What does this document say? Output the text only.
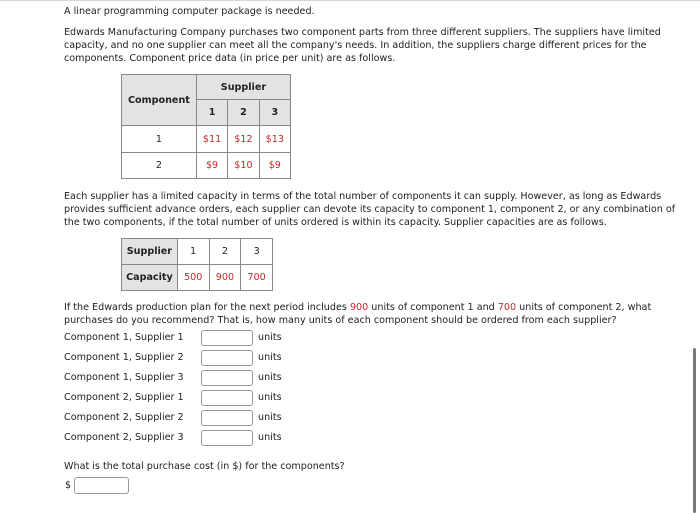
A linear programming computer package is needed.
Edwards Manufacturing Company purchases two component parts from three different suppliers. The suppliers have limited capacity, and no one supplier can meet all the company's needs. In addition, the suppliers charge different prices for the components. Component price data (in price per unit) are as follows.
Component	Supplier		
	1	2	3
1	$11	$12	$13
2	$9	$10	$9
Each supplier has a limited capacity in terms of the total number of components it can supply. However, as long as Edwards provides sufficient advance orders, each supplier can devote its capacity to component 1, component 2, or any combination of the two components, if the total number of units ordered is within its capacity. Supplier capacities are as follows.
Supplier	1	2	3
Capacity	500	900	700
If the Edwards production plan for the next period includes 900 units of component 1 and 700 units of component 2, what purchases do you recommend? That is, how many units of each component should be ordered from each supplier?
Component 1, Supplier 1	units
Component 1, Supplier 2	units
Component 1, Supplier 3	units
Component 2, Supplier 1	units
Component 2, Supplier 2	units
Component 2, Supplier 3	units
What is the total purchase cost (in $) for the components?
$
